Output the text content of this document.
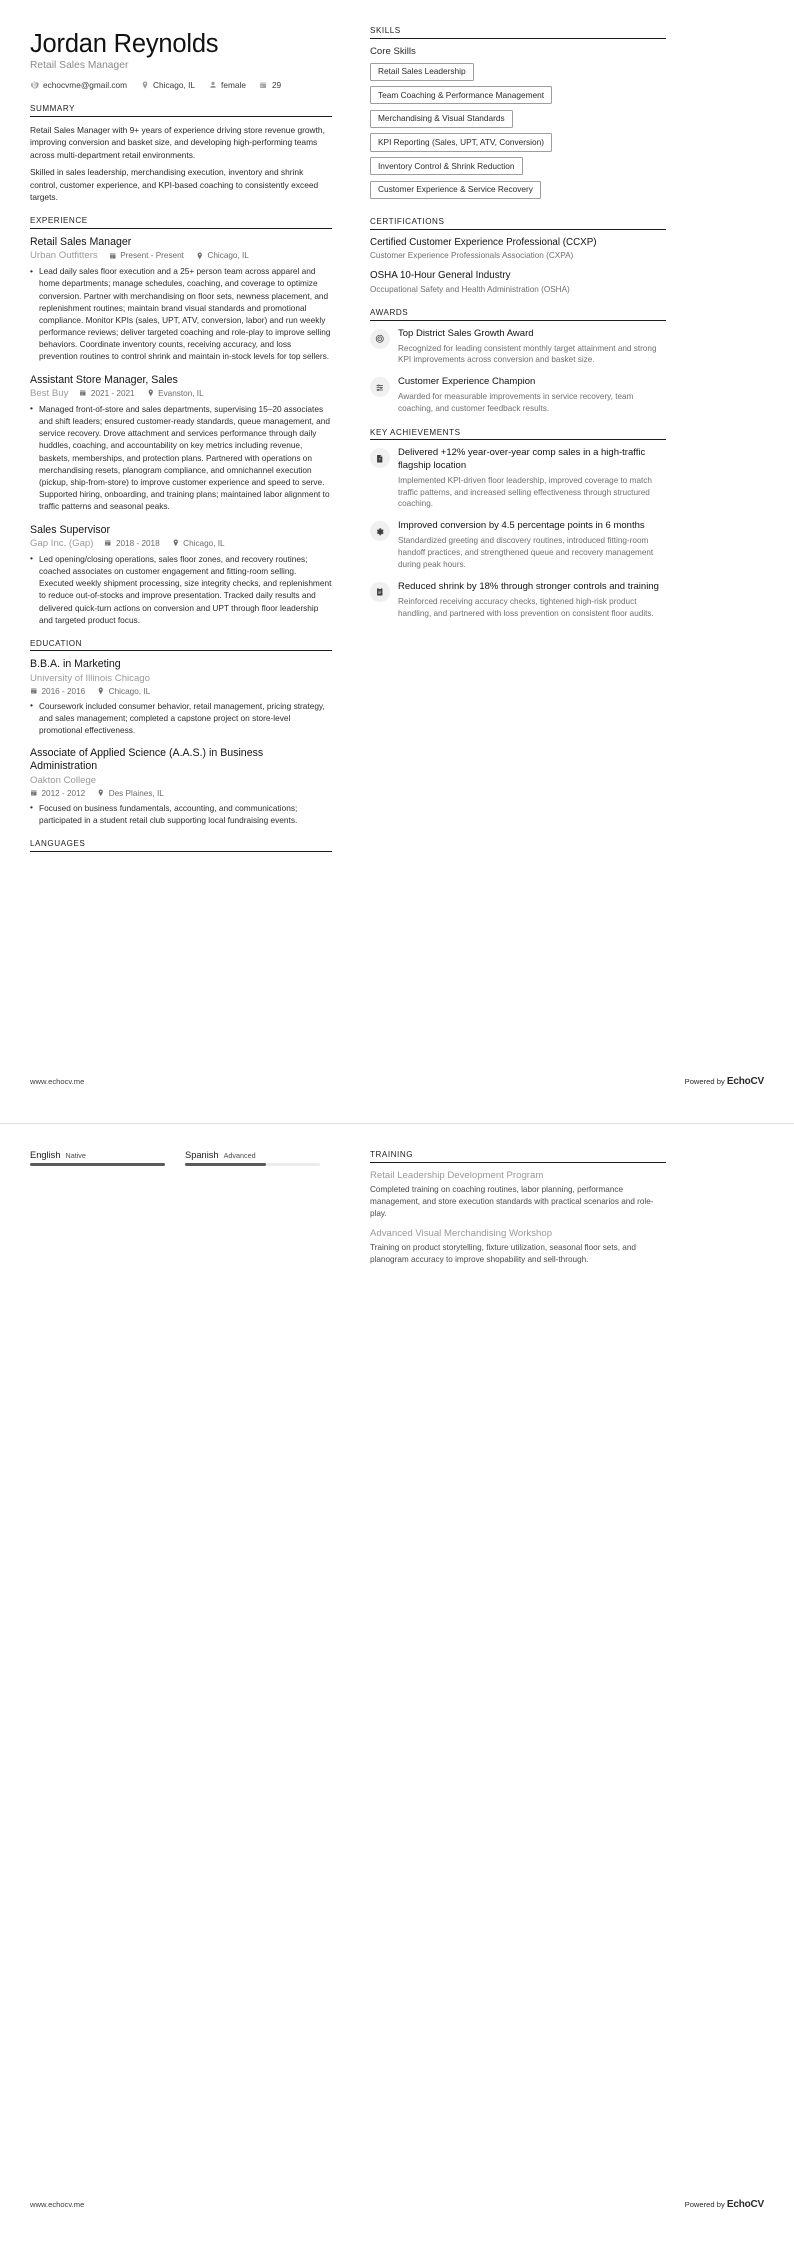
Jordan Reynolds
Retail Sales Manager
echocvme@gmail.com	Chicago, IL	female	29
SUMMARY

Retail Sales Manager with 9+ years of experience driving store revenue growth, improving conversion and basket size, and developing high-performing teams across multi-department retail environments.

Skilled in sales leadership, merchandising execution, inventory and shrink control, customer experience, and KPI-based coaching to consistently exceed targets.

EXPERIENCE
Retail Sales Manager
Urban Outfitters	Present - Present	Chicago, IL
• Lead daily sales floor execution and a 25+ person team across apparel and home departments; manage schedules, coaching, and coverage to optimize conversion. Partner with merchandising on floor sets, newness placement, and replenishment routines; maintain brand visual standards and promotional compliance. Monitor KPIs (sales, UPT, ATV, conversion, labor) and run weekly performance reviews; deliver targeted coaching and role-play to improve selling behaviors. Coordinate inventory counts, receiving accuracy, and loss prevention routines to control shrink and maintain in-stock levels for top sellers.
Assistant Store Manager, Sales
Best Buy	2021 - 2021	Evanston, IL
• Managed front-of-store and sales departments, supervising 15–20 associates and shift leaders; ensured customer-ready standards, queue management, and service recovery. Drove attachment and services performance through daily huddles, coaching, and accountability on key metrics including revenue, baskets, memberships, and protection plans. Partnered with operations on merchandising resets, planogram compliance, and omnichannel execution (pickup, ship-from-store) to improve customer experience and speed to serve. Supported hiring, onboarding, and training plans; maintained labor alignment to traffic patterns and seasonal peaks.
Sales Supervisor
Gap Inc. (Gap)	2018 - 2018	Chicago, IL
• Led opening/closing operations, sales floor zones, and recovery routines; coached associates on customer engagement and fitting-room selling. Executed weekly shipment processing, size integrity checks, and replenishment to reduce out-of-stocks and improve presentation. Tracked daily results and delivered quick-turn actions on conversion and UPT through floor leadership and targeted product focus.
EDUCATION
B.B.A. in Marketing
University of Illinois Chicago
2016 - 2016	Chicago, IL
• Coursework included consumer behavior, retail management, pricing strategy, and sales management; completed a capstone project on store-level promotional effectiveness.
Associate of Applied Science (A.A.S.) in Business Administration
Oakton College
2012 - 2012	Des Plaines, IL
• Focused on business fundamentals, accounting, and communications; participated in a student retail club supporting local fundraising events.
LANGUAGES
SKILLS
Core Skills
Retail Sales Leadership
Team Coaching & Performance Management
Merchandising & Visual Standards
KPI Reporting (Sales, UPT, ATV, Conversion)
Inventory Control & Shrink Reduction
Customer Experience & Service Recovery
CERTIFICATIONS
Certified Customer Experience Professional (CCXP)
Customer Experience Professionals Association (CXPA)
OSHA 10-Hour General Industry
Occupational Safety and Health Administration (OSHA)
AWARDS
Top District Sales Growth Award
Recognized for leading consistent monthly target attainment and strong KPI improvements across conversion and basket size.
Customer Experience Champion
Awarded for measurable improvements in service recovery, team coaching, and customer feedback results.
KEY ACHIEVEMENTS
Delivered +12% year-over-year comp sales in a high-traffic flagship location
Implemented KPI-driven floor leadership, improved coverage to match traffic patterns, and increased selling effectiveness through structured coaching.
Improved conversion by 4.5 percentage points in 6 months
Standardized greeting and discovery routines, introduced fitting-room handoff practices, and strengthened queue and recovery management during peak hours.
Reduced shrink by 18% through stronger controls and training
Reinforced receiving accuracy checks, tightened high-risk product handling, and partnered with loss prevention on consistent floor audits.
www.echocv.me	Powered by EchoCV
English Native	Spanish Advanced	TRAINING
Retail Leadership Development Program
Completed training on coaching routines, labor planning, performance management, and store execution standards with practical scenarios and role-play.
Advanced Visual Merchandising Workshop
Training on product storytelling, fixture utilization, seasonal floor sets, and planogram accuracy to improve shopability and sell-through.
www.echocv.me	Powered by EchoCV
